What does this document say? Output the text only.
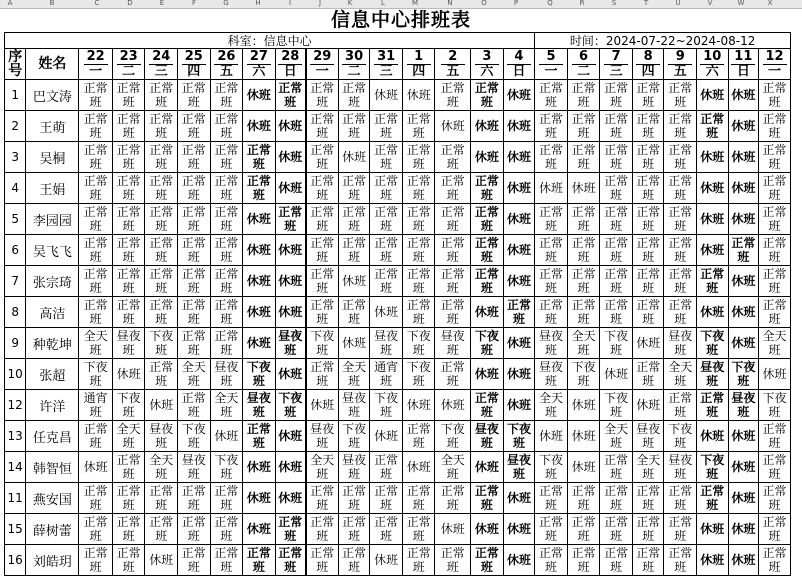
A	B	C	D	E	F	G	H	I	J	K	L	M	N	O	P	Q	R	S	T	U	V	W	X
信息中心排班表
科室：信息中心																时间：2024-07-22~2024-08-12							
序号	姓名	22	23	24	25	26	27	28	29	30	31	1	2	3	4	5	6	7	8	9	10	11	12
		一	二	三	四	五	六	日	一	二	三	四	五	六	日	一	二	三	四	五	六	日	一
1	巴文涛	正常班	正常班	正常班	正常班	正常班	休班	正常班	正常班	正常班	休班	休班	正常班	正常班	休班	正常班	正常班	正常班	正常班	正常班	休班	休班	正常班
2	王萌	正常班	正常班	正常班	正常班	正常班	休班	休班	正常班	正常班	正常班	正常班	休班	休班	休班	正常班	正常班	正常班	正常班	正常班	正常班	休班	正常班
3	吴桐	正常班	正常班	正常班	正常班	正常班	正常班	休班	正常班	休班	正常班	正常班	正常班	休班	休班	正常班	正常班	正常班	正常班	正常班	休班	休班	正常班
4	王娟	正常班	正常班	正常班	正常班	正常班	正常班	休班	正常班	正常班	正常班	正常班	正常班	正常班	休班	休班	休班	正常班	正常班	正常班	休班	休班	正常班
5	李园园	正常班	正常班	正常班	正常班	正常班	休班	正常班	正常班	正常班	正常班	正常班	正常班	正常班	休班	正常班	正常班	正常班	正常班	正常班	休班	休班	正常班
6	吴飞飞	正常班	正常班	正常班	正常班	正常班	休班	休班	正常班	正常班	正常班	正常班	正常班	正常班	休班	正常班	正常班	正常班	正常班	正常班	休班	正常班	正常班
7	张宗琦	正常班	正常班	正常班	正常班	正常班	休班	休班	正常班	休班	正常班	正常班	正常班	正常班	休班	正常班	正常班	正常班	正常班	正常班	正常班	休班	正常班
8	高洁	正常班	正常班	正常班	正常班	正常班	休班	休班	正常班	正常班	休班	正常班	正常班	休班	正常班	正常班	正常班	正常班	正常班	正常班	休班	休班	正常班
9	种乾坤	全天班	昼夜班	下夜班	正常班	正常班	休班	昼夜班	下夜班	休班	昼夜班	下夜班	昼夜班	下夜班	休班	昼夜班	全天班	下夜班	休班	昼夜班	下夜班	休班	全天班
10	张超	下夜班	休班	正常班	全天班	昼夜班	下夜班	休班	正常班	全天班	通宵班	下夜班	正常班	休班	休班	昼夜班	下夜班	休班	正常班	全天班	昼夜班	下夜班	休班
12	许洋	通宵班	下夜班	休班	正常班	全天班	昼夜班	下夜班	休班	昼夜班	下夜班	休班	休班	正常班	休班	全天班	休班	下夜班	休班	正常班	正常班	昼夜班	下夜班
13	任克昌	正常班	全天班	昼夜班	下夜班	休班	正常班	休班	昼夜班	下夜班	休班	正常班	下夜班	昼夜班	下夜班	休班	休班	全天班	昼夜班	下夜班	休班	休班	正常班
14	韩智恒	休班	正常班	全天班	昼夜班	下夜班	休班	休班	全天班	昼夜班	正常班	休班	全天班	休班	昼夜班	下夜班	休班	正常班	全天班	昼夜班	下夜班	休班	正常班
11	燕安国	正常班	正常班	正常班	正常班	正常班	休班	休班	正常班	正常班	正常班	正常班	正常班	正常班	休班	正常班	正常班	正常班	正常班	正常班	正常班	休班	正常班
15	薛树蕾	正常班	正常班	正常班	正常班	正常班	休班	正常班	正常班	正常班	正常班	正常班	休班	休班	休班	正常班	正常班	正常班	正常班	正常班	休班	休班	正常班
16	刘皓玥	正常班	正常班	休班	正常班	正常班	正常班	正常班	正常班	正常班	休班	正常班	正常班	正常班	休班	正常班	正常班	正常班	正常班	正常班	休班	休班	正常班
